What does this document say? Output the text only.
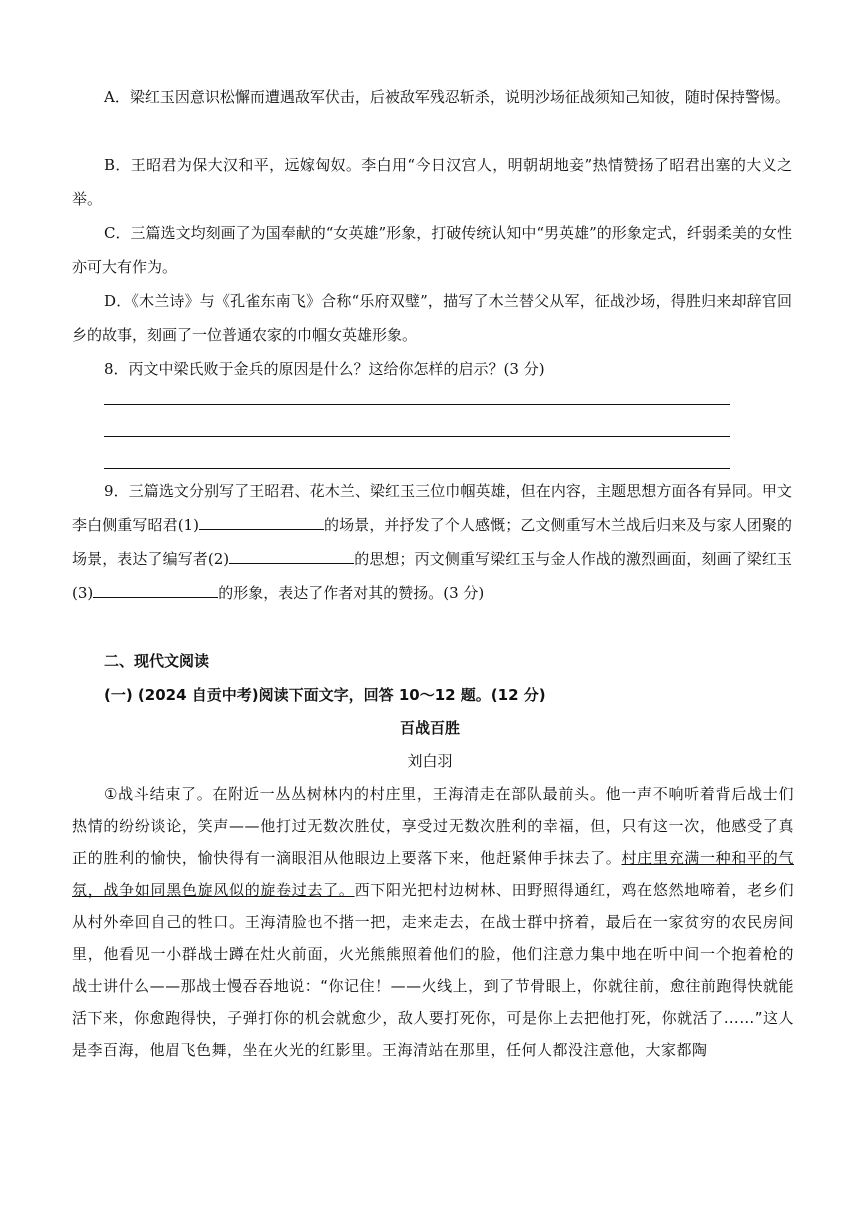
A．梁红玉因意识松懈而遭遇敌军伏击，后被敌军残忍斩杀，说明沙场征战须知己知彼，随时保持警惕。

B．王昭君为保大汉和平，远嫁匈奴。李白用“今日汉宫人，明朝胡地妾”热情赞扬了昭君出塞的大义之举。

C．三篇选文均刻画了为国奉献的“女英雄”形象，打破传统认知中“男英雄”的形象定式，纤弱柔美的女性亦可大有作为。

D．《木兰诗》与《孔雀东南飞》合称“乐府双璧”，描写了木兰替父从军，征战沙场，得胜归来却辞官回乡的故事，刻画了一位普通农家的巾帼女英雄形象。

8．丙文中梁氏败于金兵的原因是什么？这给你怎样的启示？(3 分)

9．三篇选文分别写了王昭君、花木兰、梁红玉三位巾帼英雄，但在内容，主题思想方面各有异同。甲文李白侧重写昭君(1)	的场景，并抒发了个人感慨；乙文侧重写木兰战后归来及与家人团聚的场景，表达了编写者(2)	的思想；丙文侧重写梁红玉与金人作战的激烈画面，刻画了梁红玉(3)	的形象，表达了作者对其的赞扬。(3 分)

二、现代文阅读
(一) (2024 自贡中考)阅读下面文字，回答 10～12 题。(12 分)
百战百胜
刘白羽

①战斗结束了。在附近一丛丛树林内的村庄里，王海清走在部队最前头。他一声不响听着背后战士们热情的纷纷谈论，笑声——他打过无数次胜仗，享受过无数次胜利的幸福，但，只有这一次，他感受了真正的胜利的愉快，愉快得有一滴眼泪从他眼边上要落下来，他赶紧伸手抹去了。村庄里充满一种和平的气氛，战争如同黑色旋风似的旋卷过去了。西下阳光把村边树林、田野照得通红，鸡在悠然地啼着，老乡们从村外牵回自己的牲口。王海清脸也不揩一把，走来走去，在战士群中挤着，最后在一家贫穷的农民房间里，他看见一小群战士蹲在灶火前面，火光熊熊照着他们的脸，他们注意力集中地在听中间一个抱着枪的战士讲什么——那战士慢吞吞地说：“你记住！——火线上，到了节骨眼上，你就往前，愈往前跑得快就能活下来，你愈跑得快，子弹打你的机会就愈少，敌人要打死你，可是你上去把他打死，你就活了……”这人是李百海，他眉飞色舞，坐在火光的红影里。王海清站在那里，任何人都没注意他，大家都陶
